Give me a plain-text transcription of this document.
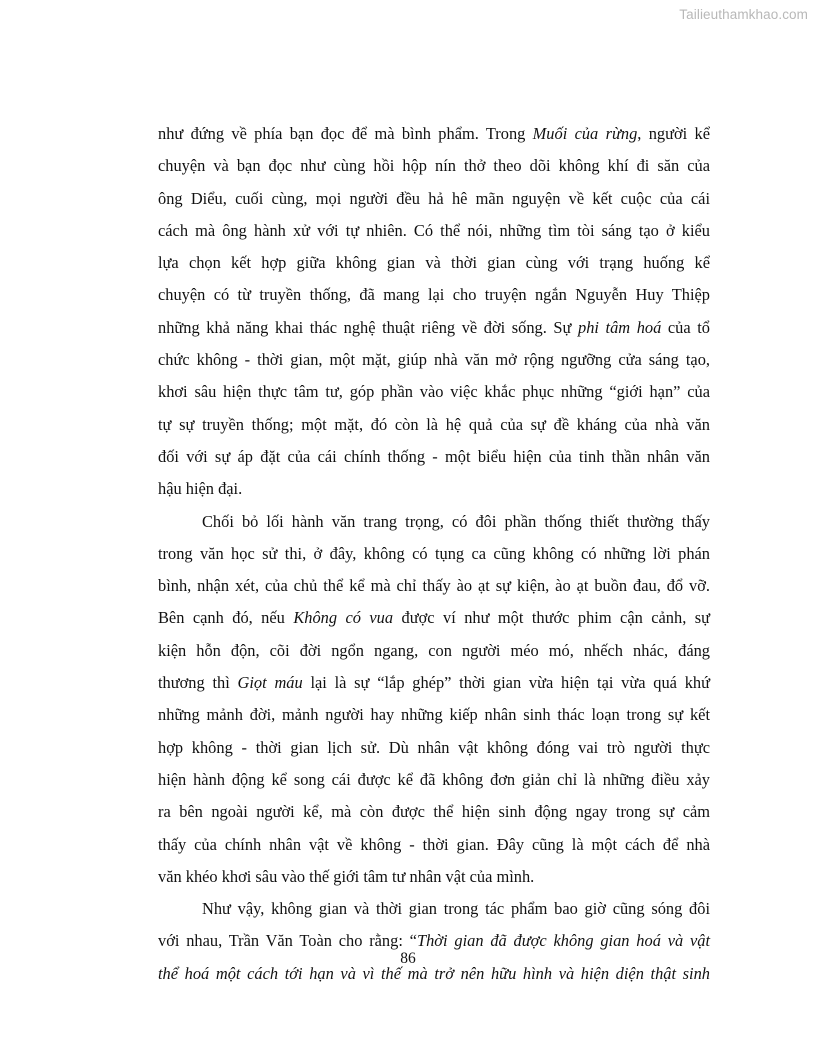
Tailieuthamkhao.com
như đứng về phía bạn đọc để mà bình phẩm. Trong Muối của rừng, người kể
chuyện và bạn đọc như cùng hồi hộp nín thở theo dõi không khí đi săn của
ông Diểu, cuối cùng, mọi người đều hả hê mãn nguyện về kết cuộc của cái
cách mà ông hành xử với tự nhiên. Có thể nói, những tìm tòi sáng tạo ở kiểu
lựa chọn kết hợp giữa không gian và thời gian cùng với trạng huống kể
chuyện có từ truyền thống, đã mang lại cho truyện ngắn Nguyễn Huy Thiệp
những khả năng khai thác nghệ thuật riêng về đời sống. Sự phi tâm hoá của tổ
chức không - thời gian, một mặt, giúp nhà văn mở rộng ngưỡng cửa sáng tạo,
khơi sâu hiện thực tâm tư, góp phần vào việc khắc phục những “giới hạn” của
tự sự truyền thống; một mặt, đó còn là hệ quả của sự đề kháng của nhà văn
đối với sự áp đặt của cái chính thống - một biểu hiện của tinh thần nhân văn
hậu hiện đại.
Chối bỏ lối hành văn trang trọng, có đôi phần thống thiết thường thấy
trong văn học sử thi, ở đây, không có tụng ca cũng không có những lời phán
bình, nhận xét, của chủ thể kể mà chỉ thấy ào ạt sự kiện, ào ạt buồn đau, đổ vỡ.
Bên cạnh đó, nếu Không có vua được ví như một thước phim cận cảnh, sự
kiện hỗn độn, cõi đời ngổn ngang, con người méo mó, nhếch nhác, đáng
thương thì Giọt máu lại là sự “lắp ghép” thời gian vừa hiện tại vừa quá khứ
những mảnh đời, mảnh người hay những kiếp nhân sinh thác loạn trong sự kết
hợp không - thời gian lịch sử. Dù nhân vật không đóng vai trò người thực
hiện hành động kể song cái được kể đã không đơn giản chỉ là những điều xảy
ra bên ngoài người kể, mà còn được thể hiện sinh động ngay trong sự cảm
thấy của chính nhân vật về không - thời gian. Đây cũng là một cách để nhà
văn khéo khơi sâu vào thế giới tâm tư nhân vật của mình.
Như vậy, không gian và thời gian trong tác phẩm bao giờ cũng sóng đôi
với nhau, Trần Văn Toàn cho rằng: “Thời gian đã được không gian hoá và vật
thể hoá một cách tới hạn và vì thế mà trở nên hữu hình và hiện diện thật sinh
86
